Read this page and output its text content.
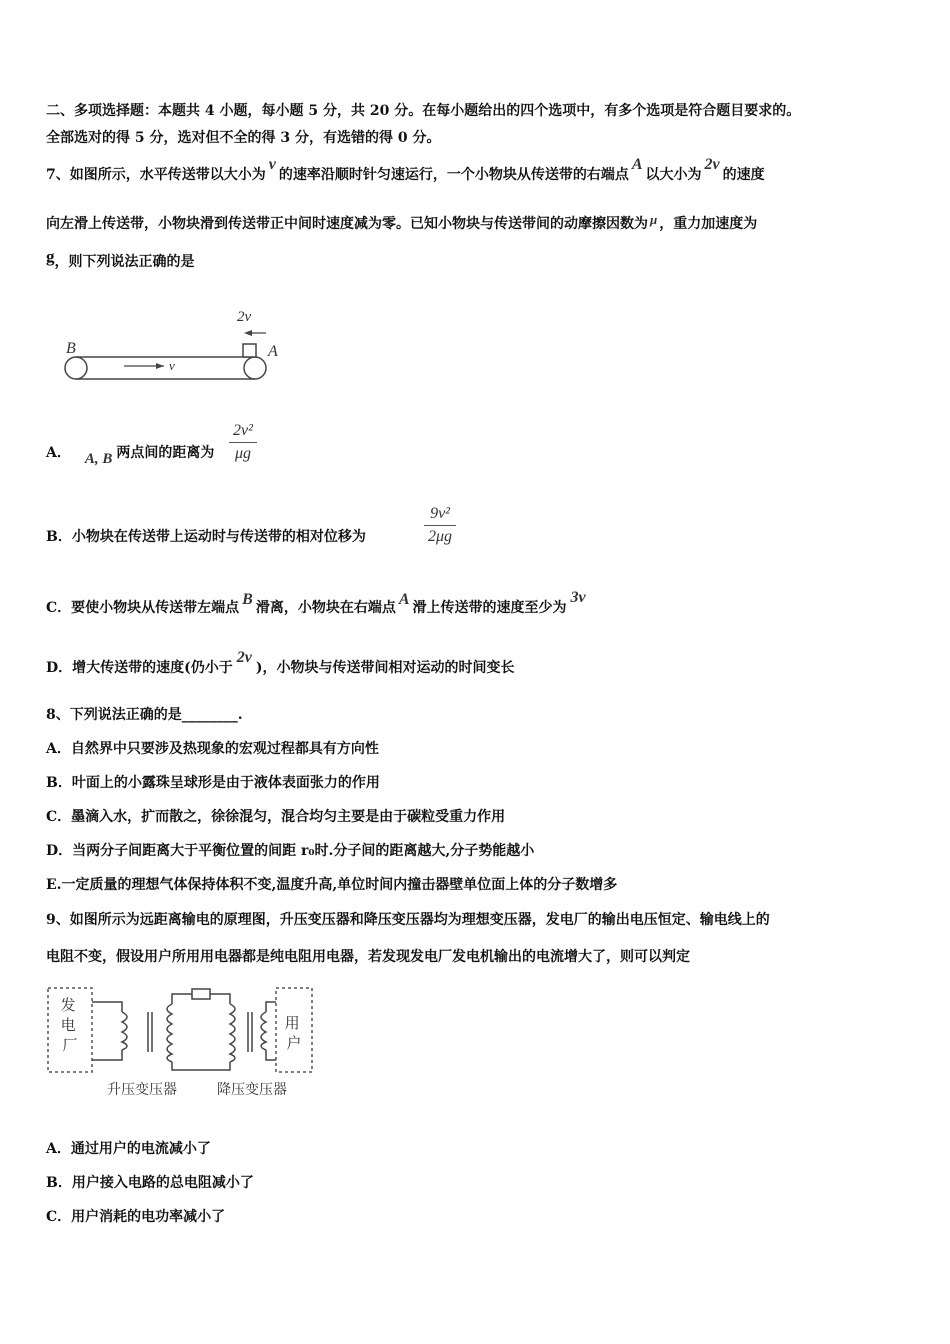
二、多项选择题：本题共 4 小题，每小题 5 分，共 20 分。在每小题给出的四个选项中，有多个选项是符合题目要求的。
全部选对的得 5 分，选对但不全的得 3 分，有选错的得 0 分。
7、如图所示，水平传送带以大小为v的速率沿顺时针匀速运行，一个小物块从传送带的右端点A以大小为2v的速度
向左滑上传送带，小物块滑到传送带正中间时速度减为零。已知小物块与传送带间的动摩擦因数为 μ ，重力加速度为
g，则下列说法正确的是
B	A
v
2v
A． A, B 两点间的距离为 $\frac{\text{2v²}}{\mu g}$
B．小物块在传送带上运动时与传送带的相对位移为	$\frac{\text{9v²}}{2\mu g}$
C．要使小物块从传送带左端点 B 滑离，小物块在右端点 A 滑上传送带的速度至少为3v
D．增大传送带的速度(仍小于2v)，小物块与传送带间相对运动的时间变长
8、下列说法正确的是________.
A．自然界中只要涉及热现象的宏观过程都具有方向性
B．叶面上的小露珠呈球形是由于液体表面张力的作用
C．墨滴入水，扩而散之，徐徐混匀，混合均匀主要是由于碳粒受重力作用
D．当两分子间距离大于平衡位置的间距 r₀时.分子间的距离越大,分子势能越小
E.一定质量的理想气体保持体积不变,温度升高,单位时间内撞击器壁单位面上体的分子数增多
9、如图所示为远距离输电的原理图，升压变压器和降压变压器均为理想变压器，发电厂的输出电压恒定、输电线上的
电阻不变，假设用户所用用电器都是纯电阻用电器，若发现发电厂发电机输出的电流增大了，则可以判定
发 电 厂
用 户
升压变压器	降压变压器
A．通过用户的电流减小了
B．用户接入电路的总电阻减小了
C．用户消耗的电功率减小了
